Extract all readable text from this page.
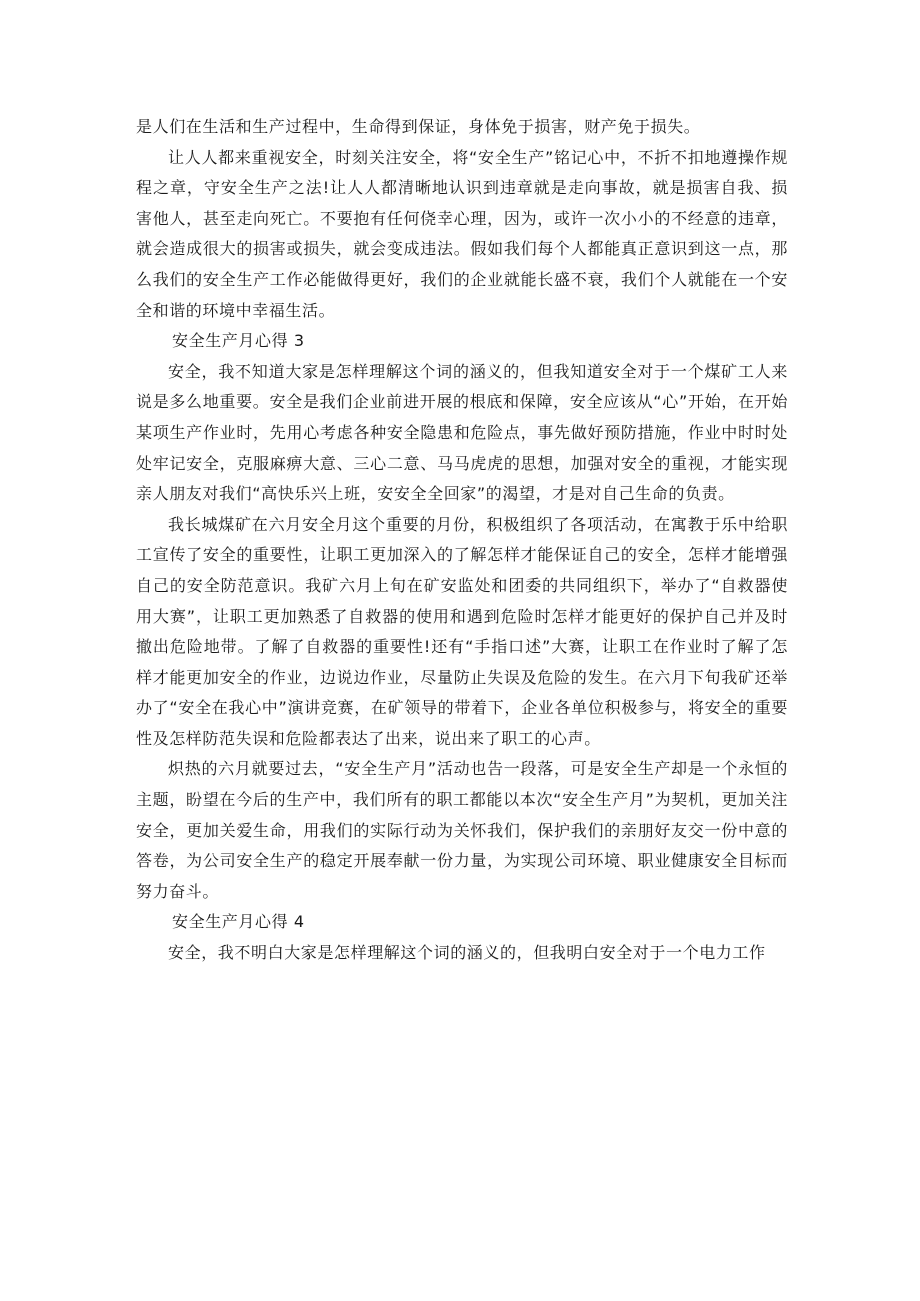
是人们在生活和生产过程中，生命得到保证，身体免于损害，财产免于损失。

让人人都来重视安全，时刻关注安全，将“安全生产”铭记心中，不折不扣地遵操作规程之章，守安全生产之法!让人人都清晰地认识到违章就是走向事故，就是损害自我、损害他人，甚至走向死亡。不要抱有任何侥幸心理，因为，或许一次小小的不经意的违章，就会造成很大的损害或损失，就会变成违法。假如我们每个人都能真正意识到这一点，那么我们的安全生产工作必能做得更好，我们的企业就能长盛不衰，我们个人就能在一个安全和谐的环境中幸福生活。

安全生产月心得 3

安全，我不知道大家是怎样理解这个词的涵义的，但我知道安全对于一个煤矿工人来说是多么地重要。安全是我们企业前进开展的根底和保障，安全应该从“心”开始，在开始某项生产作业时，先用心考虑各种安全隐患和危险点，事先做好预防措施，作业中时时处处牢记安全，克服麻痹大意、三心二意、马马虎虎的思想，加强对安全的重视，才能实现亲人朋友对我们“高快乐兴上班，安安全全回家”的渴望，才是对自己生命的负责。

我长城煤矿在六月安全月这个重要的月份，积极组织了各项活动，在寓教于乐中给职工宣传了安全的重要性，让职工更加深入的了解怎样才能保证自己的安全，怎样才能增强自己的安全防范意识。我矿六月上旬在矿安监处和团委的共同组织下，举办了“自救器使用大赛”，让职工更加熟悉了自救器的使用和遇到危险时怎样才能更好的保护自己并及时撤出危险地带。了解了自救器的重要性!还有“手指口述”大赛，让职工在作业时了解了怎样才能更加安全的作业，边说边作业，尽量防止失误及危险的发生。在六月下旬我矿还举办了“安全在我心中”演讲竞赛，在矿领导的带着下，企业各单位积极参与，将安全的重要性及怎样防范失误和危险都表达了出来，说出来了职工的心声。

炽热的六月就要过去，“安全生产月”活动也告一段落，可是安全生产却是一个永恒的主题，盼望在今后的生产中，我们所有的职工都能以本次“安全生产月”为契机，更加关注安全，更加关爱生命，用我们的实际行动为关怀我们，保护我们的亲朋好友交一份中意的答卷，为公司安全生产的稳定开展奉献一份力量，为实现公司环境、职业健康安全目标而努力奋斗。

安全生产月心得 4

安全，我不明白大家是怎样理解这个词的涵义的，但我明白安全对于一个电力工作
